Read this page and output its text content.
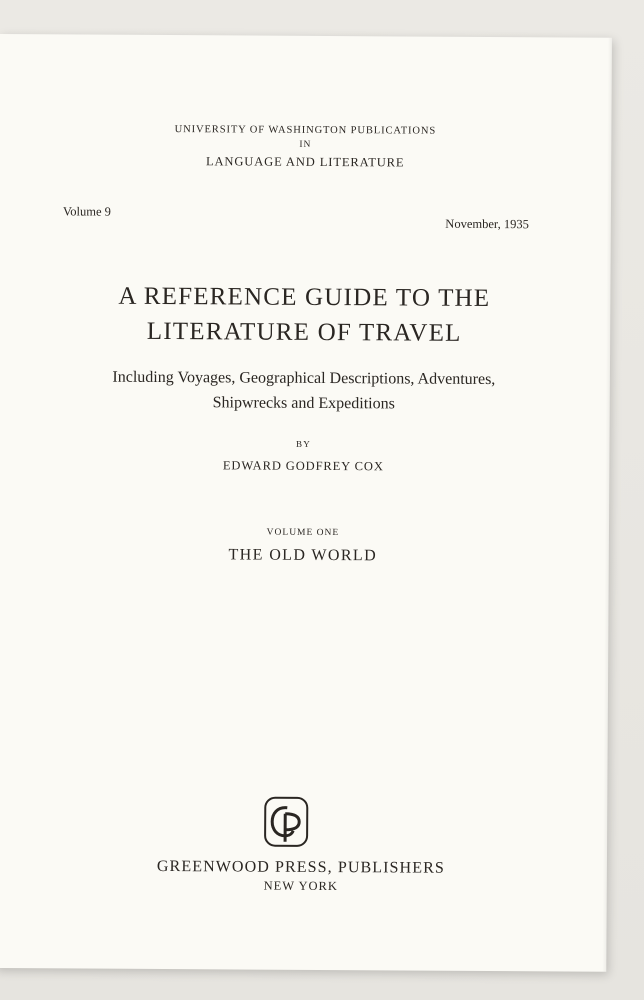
UNIVERSITY OF WASHINGTON PUBLICATIONS

IN

LANGUAGE AND LITERATURE

Volume 9
November, 1935

A REFERENCE GUIDE TO THE

LITERATURE OF TRAVEL

Including Voyages, Geographical Descriptions, Adventures,

Shipwrecks and Expeditions

BY

EDWARD GODFREY COX

VOLUME ONE

THE OLD WORLD

GREENWOOD PRESS, PUBLISHERS

NEW YORK
